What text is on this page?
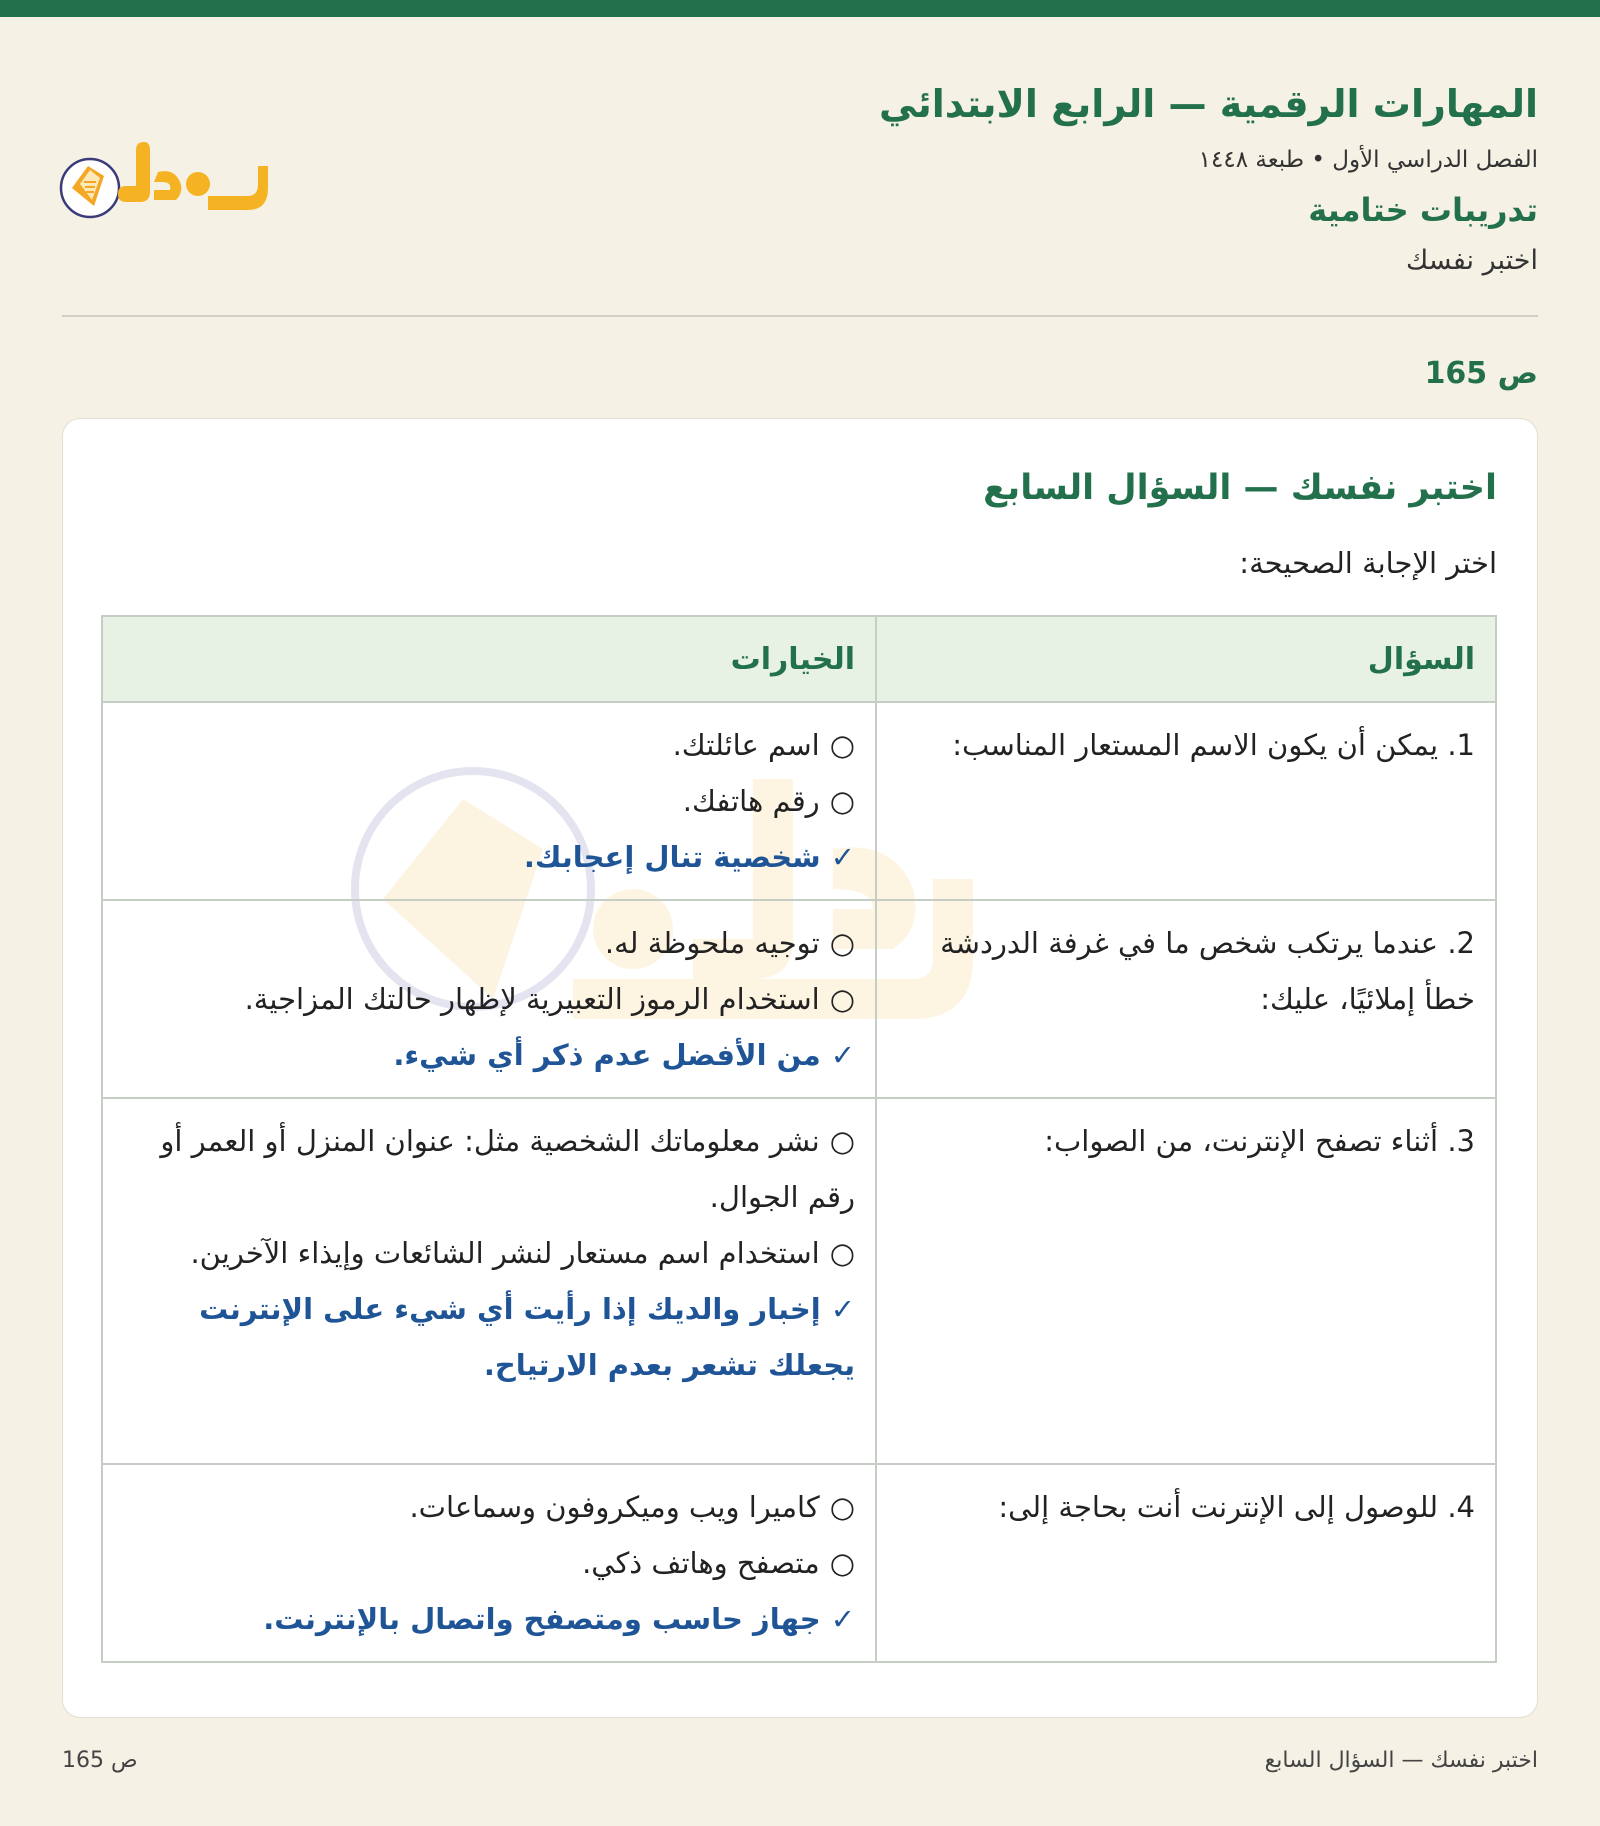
المهارات الرقمية — الرابع الابتدائي
الفصل الدراسي الأول • طبعة ١٤٤٨
تدريبات ختامية
اختبر نفسك
ص 165
اختبر نفسك — السؤال السابع
اختر الإجابة الصحيحة:
السؤال	الخيارات
1. يمكن أن يكون الاسم المستعار المناسب:	○اسم عائلتك.
○رقم هاتفك.
✓شخصية تنال إعجابك.

2. عندما يرتكب شخص ما في غرفة الدردشة خطأ إملائيًا، عليك:	○توجيه ملحوظة له.
○استخدام الرموز التعبيرية لإظهار حالتك المزاجية.
✓من الأفضل عدم ذكر أي شيء.

3. أثناء تصفح الإنترنت، من الصواب:	○نشر معلوماتك الشخصية مثل: عنوان المنزل أو العمر أو رقم الجوال.
○استخدام اسم مستعار لنشر الشائعات وإيذاء الآخرين.
✓إخبار والديك إذا رأيت أي شيء على الإنترنت يجعلك تشعر بعدم الارتياح.

4. للوصول إلى الإنترنت أنت بحاجة إلى:	○كاميرا ويب وميكروفون وسماعات.
○متصفح وهاتف ذكي.
✓جهاز حاسب ومتصفح واتصال بالإنترنت.
اختبر نفسك — السؤال السابع
ص 165
